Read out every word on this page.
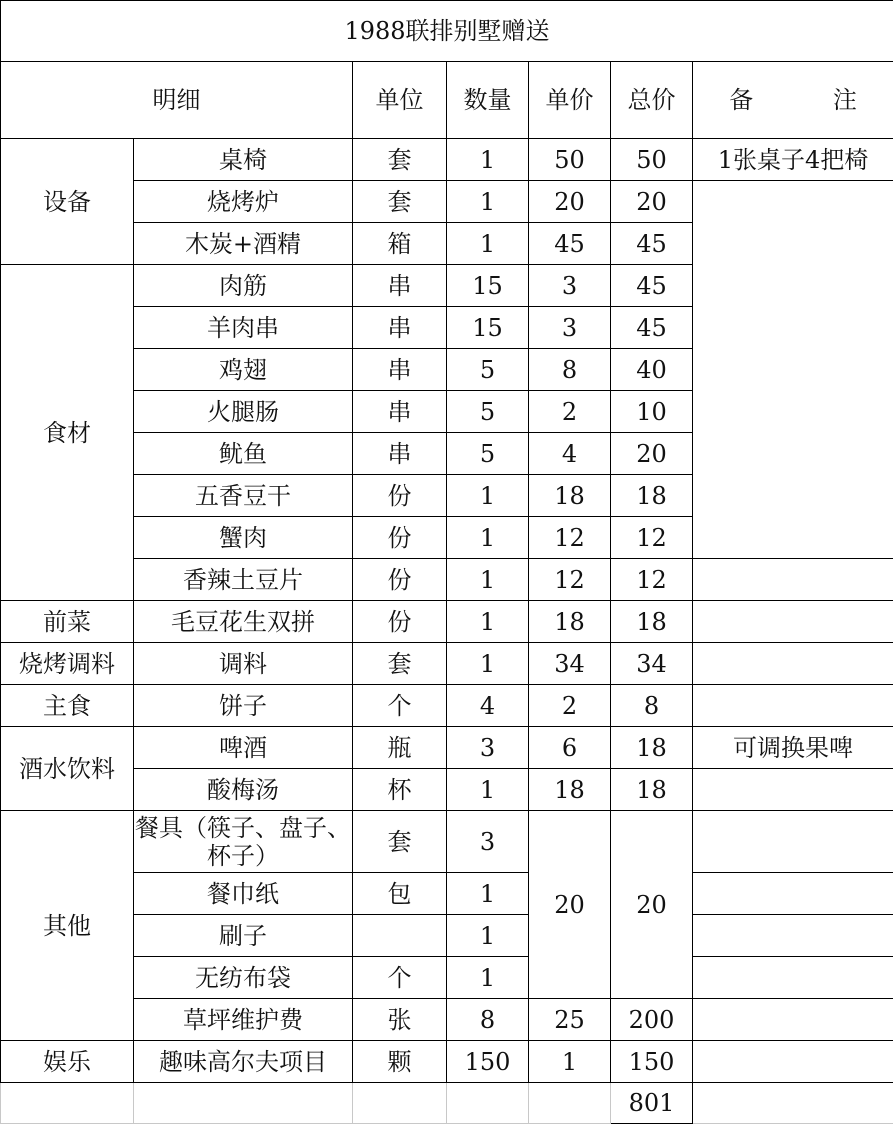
1988联排别墅赠送							
明细		单位	数量	单价	总价	备 注	
设备	桌椅	套	1	50	50	1张桌子4把椅	
	烧烤炉	套	1	20	20		
	木炭+酒精	箱	1	45	45		
食材	肉筋	串	15	3	45		
	羊肉串	串	15	3	45		
	鸡翅	串	5	8	40		
	火腿肠	串	5	2	10		
	鱿鱼	串	5	4	20		
	五香豆干	份	1	18	18		
	蟹肉	份	1	12	12		
	香辣土豆片	份	1	12	12		
前菜	毛豆花生双拼	份	1	18	18		
烧烤调料	调料	套	1	34	34		
主食	饼子	个	4	2	8		
酒水饮料	啤酒	瓶	3	6	18	可调换果啤	
	酸梅汤	杯	1	18	18		
其他	餐具（筷子、盘子、杯子）	套	3	20	20		
	餐巾纸	包	1				
	刷子		1				
	无纺布袋	个	1				
	草坪维护费	张	8	25	200		
娱乐	趣味高尔夫项目	颗	150	1	150		
					801		
